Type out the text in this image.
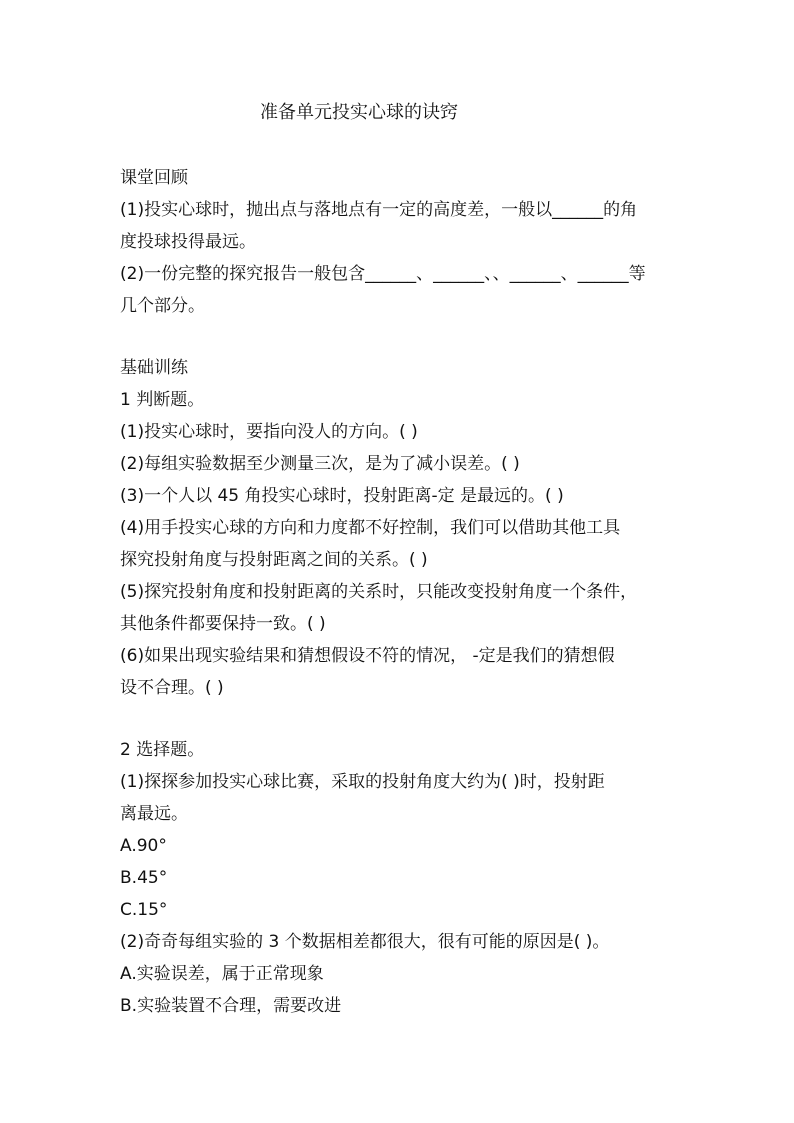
准备单元投实心球的诀窍
课堂回顾
(1)投实心球时，抛出点与落地点有一定的高度差，一般以______的角
度投球投得最远。
(2)一份完整的探究报告一般包含______、______、、______、______等
几个部分。
基础训练
1 判断题。
(1)投实心球时，要指向没人的方向。( )
(2)每组实验数据至少测量三次，是为了减小误差。( )
(3)一个人以 45 角投实心球时，投射距离-定 是最远的。( )
(4)用手投实心球的方向和力度都不好控制，我们可以借助其他工具
探究投射角度与投射距离之间的关系。( )
(5)探究投射角度和投射距离的关系时，只能改变投射角度一个条件，
其他条件都要保持一致。( )
(6)如果出现实验结果和猜想假设不符的情况， -定是我们的猜想假
设不合理。( )
2 选择题。
(1)探探参加投实心球比赛，采取的投射角度大约为( )时，投射距
离最远。
A.90°
B.45°
C.15°
(2)奇奇每组实验的 3 个数据相差都很大，很有可能的原因是( )。
A.实验误差，属于正常现象
B.实验装置不合理，需要改进
